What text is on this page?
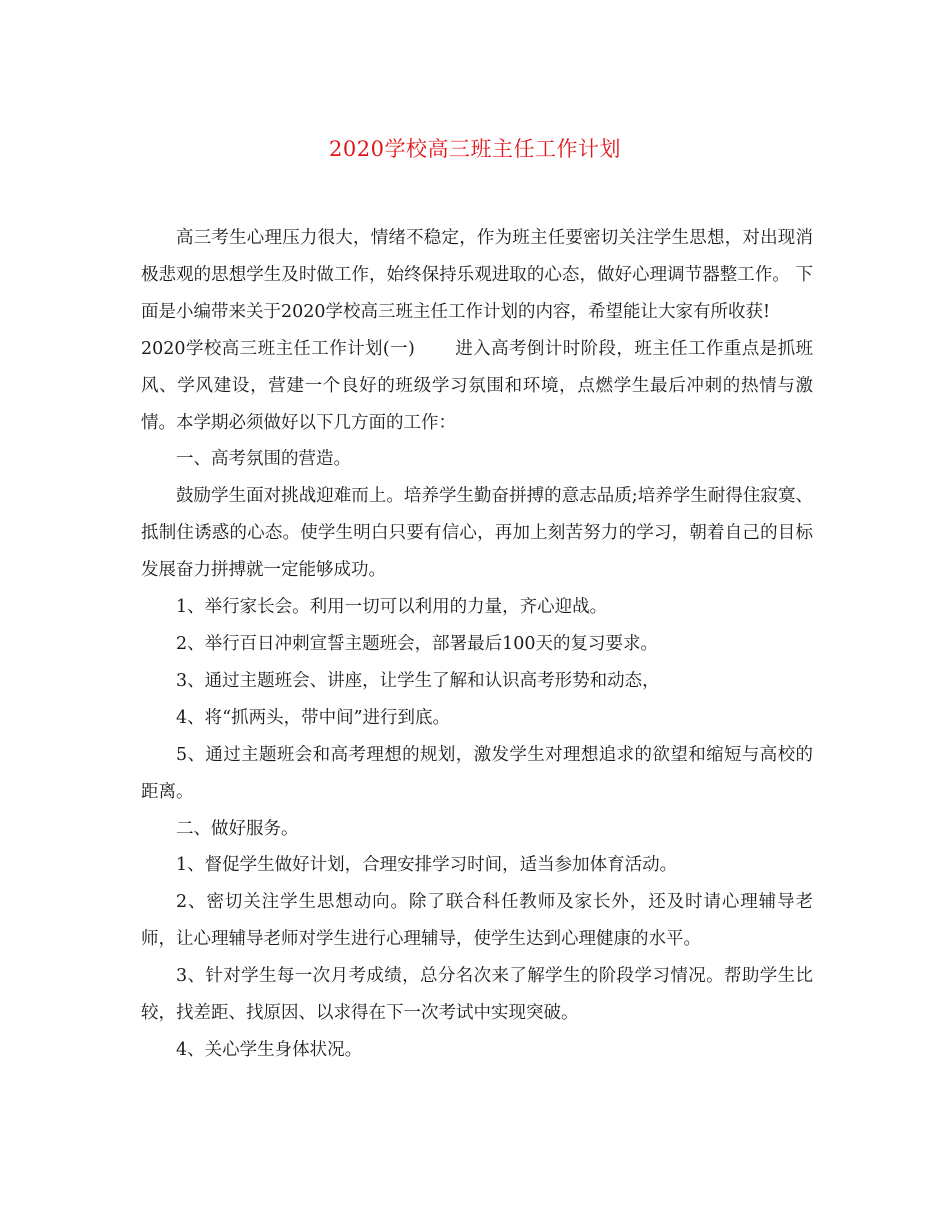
2020学校高三班主任工作计划

高三考生心理压力很大，情绪不稳定，作为班主任要密切关注学生思想，对出现消极悲观的思想学生及时做工作，始终保持乐观进取的心态，做好心理调节器整工作。 下面是小编带来关于2020学校高三班主任工作计划的内容，希望能让大家有所收获!

2020学校高三班主任工作计划(一) 进入高考倒计时阶段，班主任工作重点是抓班风、学风建设，营建一个良好的班级学习氛围和环境，点燃学生最后冲刺的热情与激情。本学期必须做好以下几方面的工作：

一、高考氛围的营造。

鼓励学生面对挑战迎难而上。培养学生勤奋拼搏的意志品质;培养学生耐得住寂寞、抵制住诱惑的心态。使学生明白只要有信心，再加上刻苦努力的学习，朝着自己的目标发展奋力拼搏就一定能够成功。

1、举行家长会。利用一切可以利用的力量，齐心迎战。

2、举行百日冲刺宣誓主题班会，部署最后100天的复习要求。

3、通过主题班会、讲座，让学生了解和认识高考形势和动态，

4、将“抓两头，带中间”进行到底。

5、通过主题班会和高考理想的规划，激发学生对理想追求的欲望和缩短与高校的距离。

二、做好服务。

1、督促学生做好计划，合理安排学习时间，适当参加体育活动。

2、密切关注学生思想动向。除了联合科任教师及家长外，还及时请心理辅导老师，让心理辅导老师对学生进行心理辅导，使学生达到心理健康的水平。

3、针对学生每一次月考成绩，总分名次来了解学生的阶段学习情况。帮助学生比较，找差距、找原因、以求得在下一次考试中实现突破。

4、关心学生身体状况。
